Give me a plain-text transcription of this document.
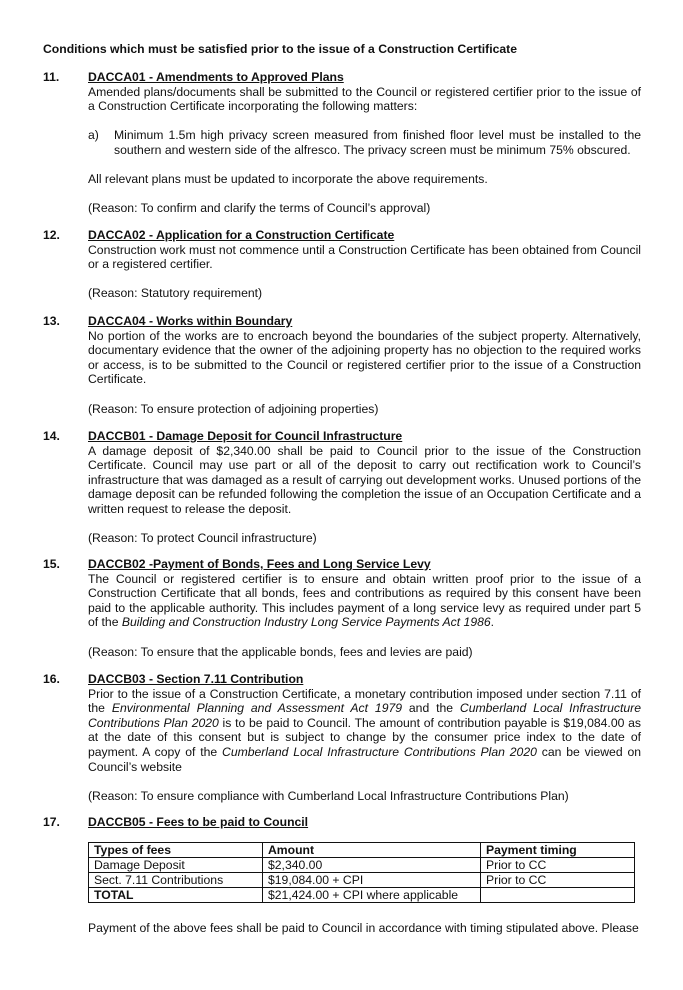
Conditions which must be satisfied prior to the issue of a Construction Certificate
11. DACCA01 - Amendments to Approved Plans

Amended plans/documents shall be submitted to the Council or registered certifier prior to the issue of a Construction Certificate incorporating the following matters:

a) Minimum 1.5m high privacy screen measured from finished floor level must be installed to the southern and western side of the alfresco. The privacy screen must be minimum 75% obscured.

All relevant plans must be updated to incorporate the above requirements.

(Reason: To confirm and clarify the terms of Council’s approval)

12. DACCA02 - Application for a Construction Certificate

Construction work must not commence until a Construction Certificate has been obtained from Council or a registered certifier.

(Reason: Statutory requirement)

13. DACCA04 - Works within Boundary

No portion of the works are to encroach beyond the boundaries of the subject property. Alternatively, documentary evidence that the owner of the adjoining property has no objection to the required works or access, is to be submitted to the Council or registered certifier prior to the issue of a Construction Certificate.

(Reason: To ensure protection of adjoining properties)

14. DACCB01 - Damage Deposit for Council Infrastructure

A damage deposit of $2,340.00 shall be paid to Council prior to the issue of the Construction Certificate. Council may use part or all of the deposit to carry out rectification work to Council’s infrastructure that was damaged as a result of carrying out development works. Unused portions of the damage deposit can be refunded following the completion the issue of an Occupation Certificate and a written request to release the deposit.

(Reason: To protect Council infrastructure)

15. DACCB02 -Payment of Bonds, Fees and Long Service Levy

The Council or registered certifier is to ensure and obtain written proof prior to the issue of a Construction Certificate that all bonds, fees and contributions as required by this consent have been paid to the applicable authority. This includes payment of a long service levy as required under part 5 of the Building and Construction Industry Long Service Payments Act 1986.

(Reason: To ensure that the applicable bonds, fees and levies are paid)

16. DACCB03 - Section 7.11 Contribution

Prior to the issue of a Construction Certificate, a monetary contribution imposed under section 7.11 of the Environmental Planning and Assessment Act 1979 and the Cumberland Local Infrastructure Contributions Plan 2020 is to be paid to Council. The amount of contribution payable is $19,084.00 as at the date of this consent but is subject to change by the consumer price index to the date of payment. A copy of the Cumberland Local Infrastructure Contributions Plan 2020 can be viewed on Council’s website

(Reason: To ensure compliance with Cumberland Local Infrastructure Contributions Plan)

17. DACCB05 - Fees to be paid to Council
Types of fees	Amount	Payment timing
Damage Deposit	$2,340.00	Prior to CC
Sect. 7.11 Contributions	$19,084.00 + CPI	Prior to CC
TOTAL	$21,424.00 + CPI where applicable	
Payment of the above fees shall be paid to Council in accordance with timing stipulated above. Please
